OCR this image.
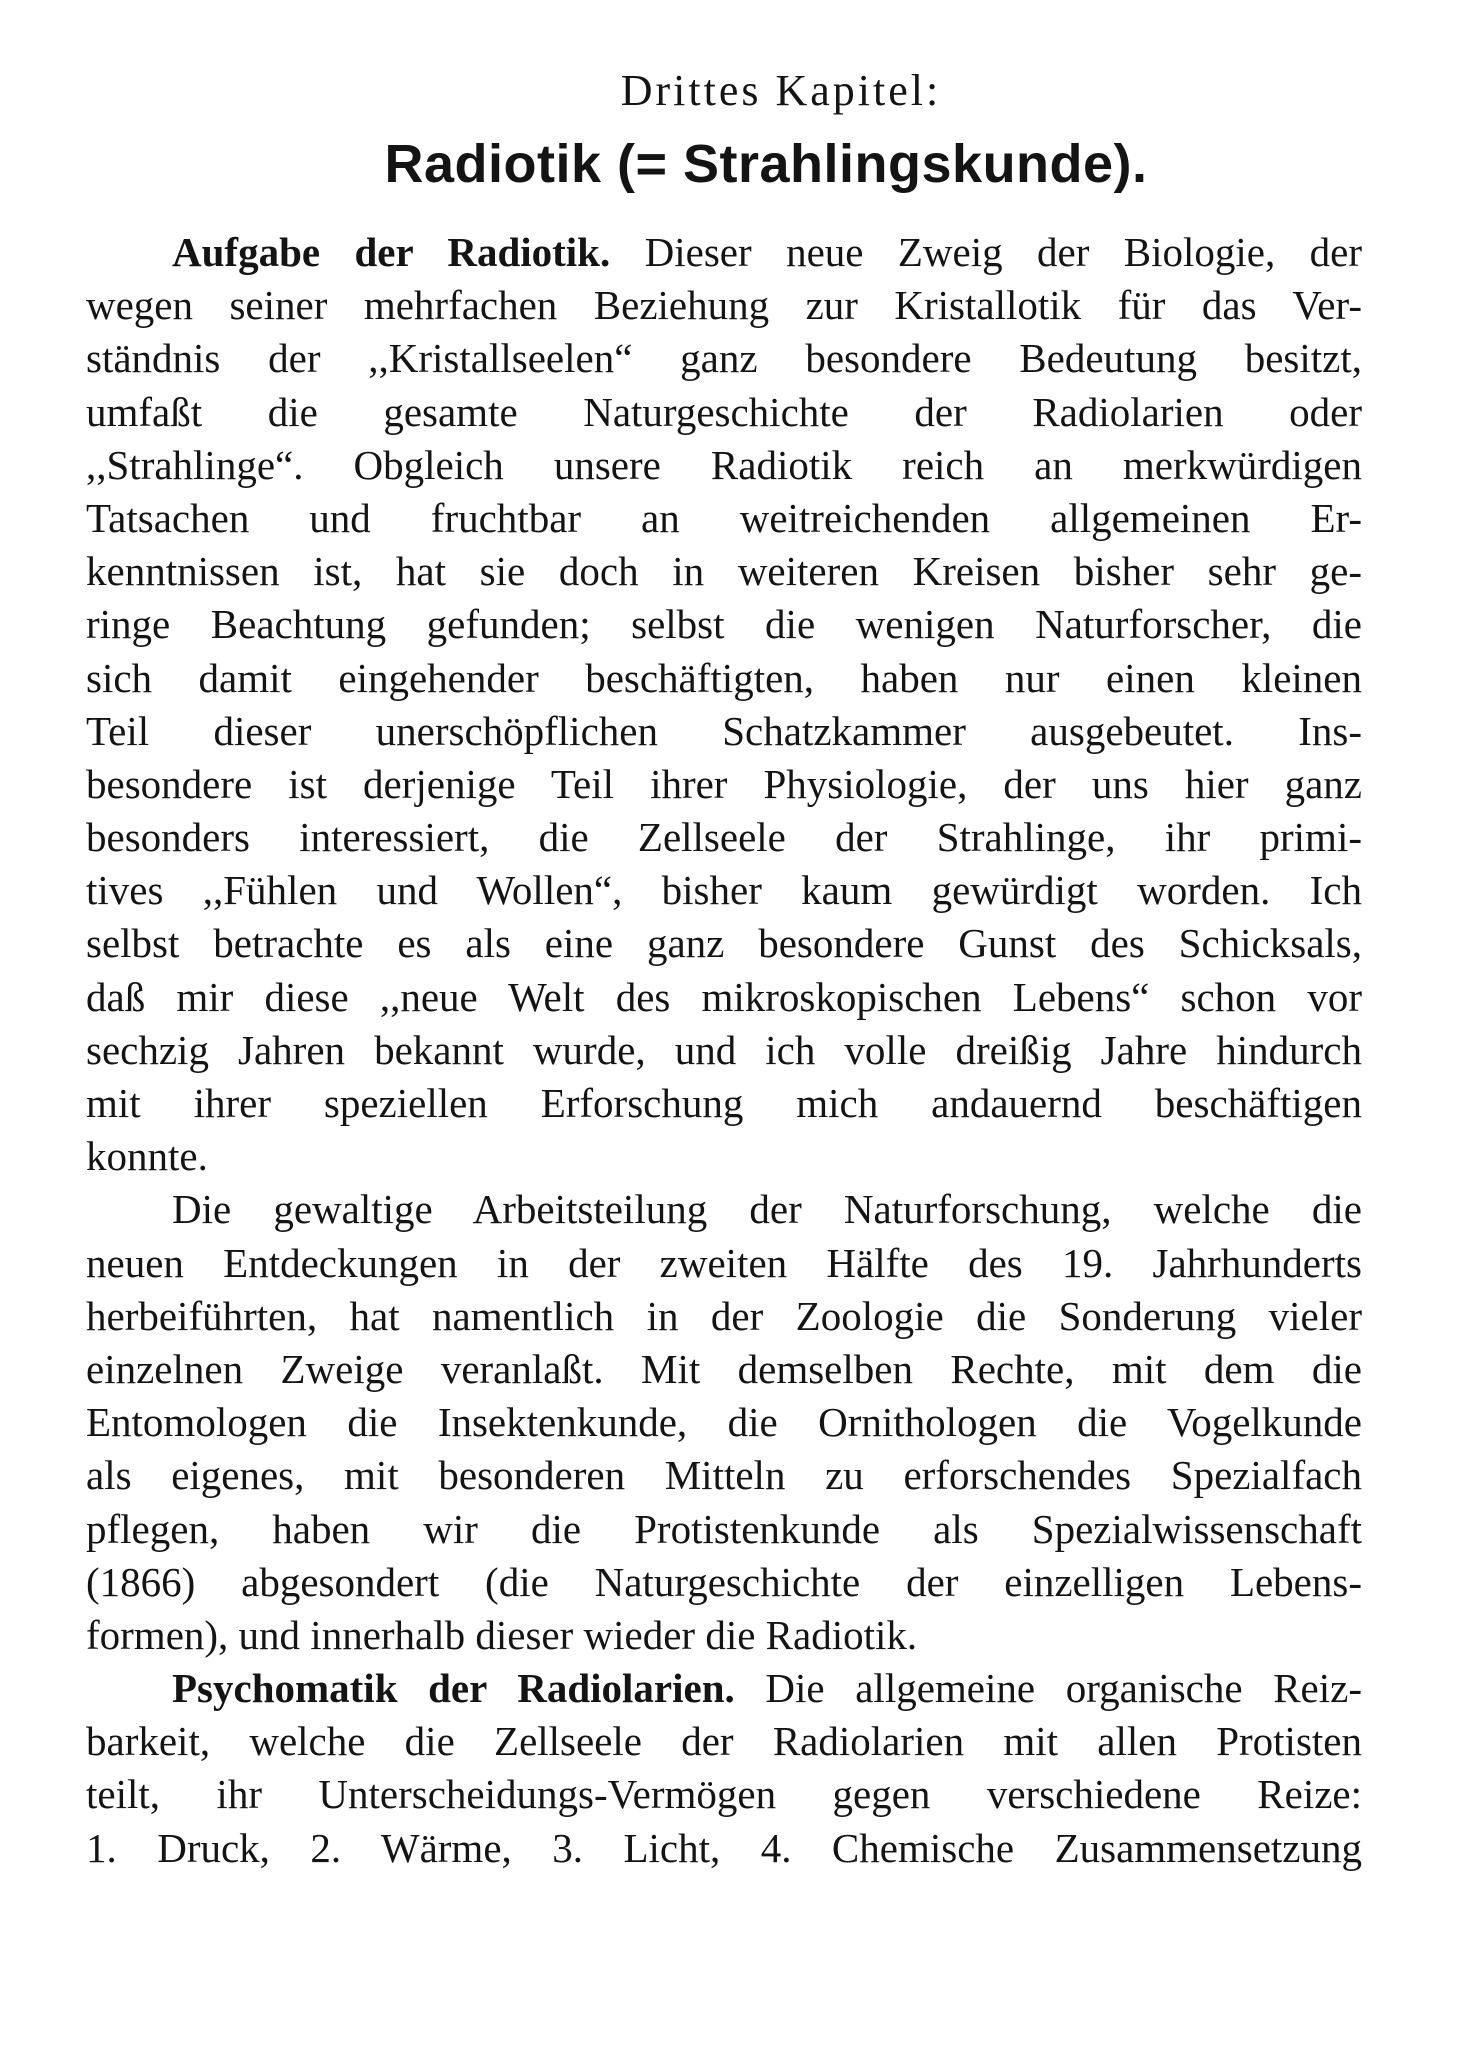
Drittes Kapitel:
Radiotik (= Strahlingskunde).
Aufgabe der Radiotik. Dieser neue Zweig der Biologie, der
wegen seiner mehrfachen Beziehung zur Kristallotik für das Ver-
ständnis der ,,Kristallseelen“ ganz besondere Bedeutung besitzt,
umfaßt die gesamte Naturgeschichte der Radiolarien oder
,,Strahlinge“. Obgleich unsere Radiotik reich an merkwürdigen
Tatsachen und fruchtbar an weitreichenden allgemeinen Er-
kenntnissen ist, hat sie doch in weiteren Kreisen bisher sehr ge-
ringe Beachtung gefunden; selbst die wenigen Naturforscher, die
sich damit eingehender beschäftigten, haben nur einen kleinen
Teil dieser unerschöpflichen Schatzkammer ausgebeutet. Ins-
besondere ist derjenige Teil ihrer Physiologie, der uns hier ganz
besonders interessiert, die Zellseele der Strahlinge, ihr primi-
tives ,,Fühlen und Wollen“, bisher kaum gewürdigt worden. Ich
selbst betrachte es als eine ganz besondere Gunst des Schicksals,
daß mir diese ,,neue Welt des mikroskopischen Lebens“ schon vor
sechzig Jahren bekannt wurde, und ich volle dreißig Jahre hindurch
mit ihrer speziellen Erforschung mich andauernd beschäftigen
konnte.
Die gewaltige Arbeitsteilung der Naturforschung, welche die
neuen Entdeckungen in der zweiten Hälfte des 19. Jahrhunderts
herbeiführten, hat namentlich in der Zoologie die Sonderung vieler
einzelnen Zweige veranlaßt. Mit demselben Rechte, mit dem die
Entomologen die Insektenkunde, die Ornithologen die Vogelkunde
als eigenes, mit besonderen Mitteln zu erforschendes Spezialfach
pflegen, haben wir die Protistenkunde als Spezialwissenschaft
(1866) abgesondert (die Naturgeschichte der einzelligen Lebens-
formen), und innerhalb dieser wieder die Radiotik.
Psychomatik der Radiolarien. Die allgemeine organische Reiz-
barkeit, welche die Zellseele der Radiolarien mit allen Protisten
teilt, ihr Unterscheidungs-Vermögen gegen verschiedene Reize:
1. Druck, 2. Wärme, 3. Licht, 4. Chemische Zusammensetzung
